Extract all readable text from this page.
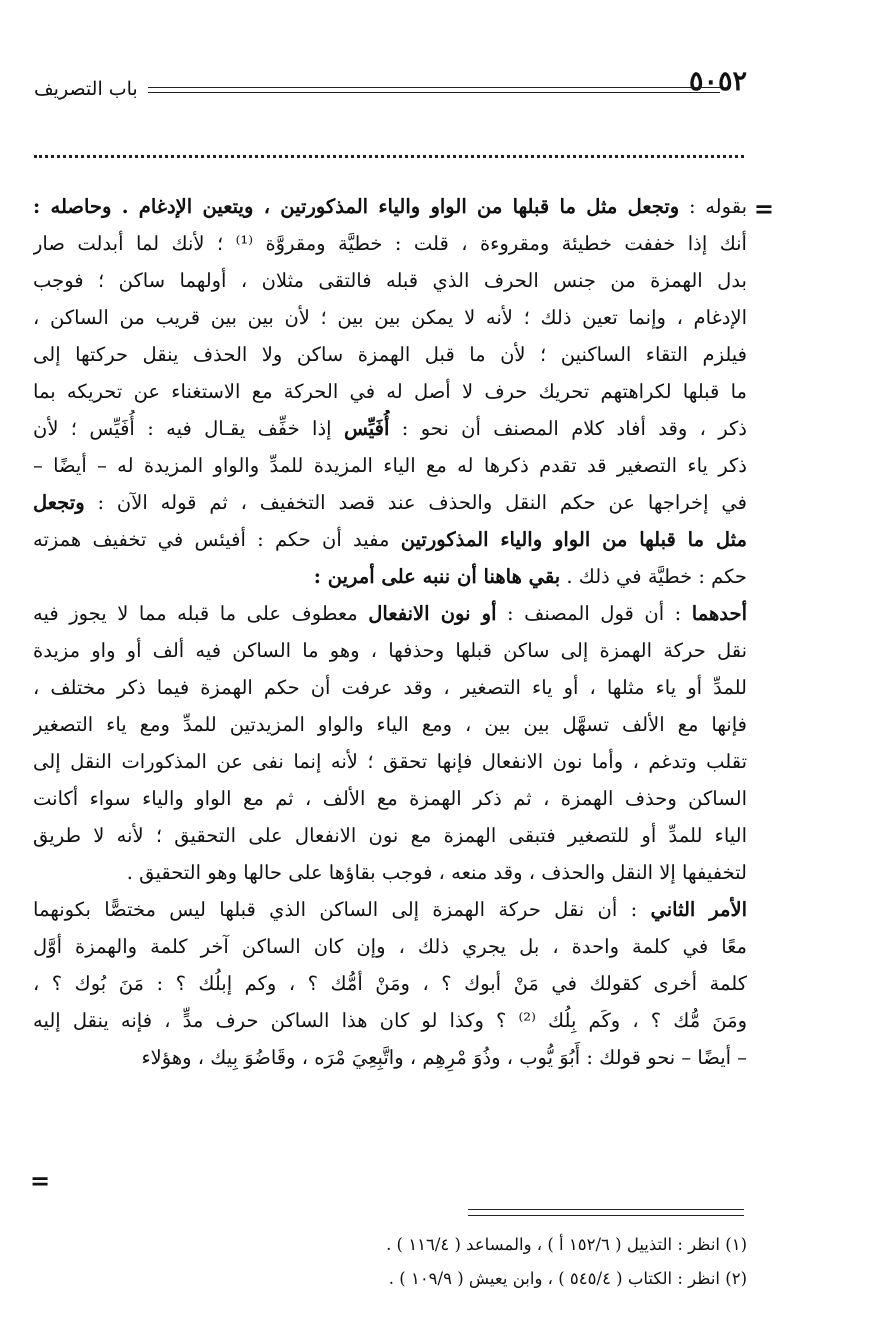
٥٠٥٢
باب التصريف
=
بقوله : وتجعل مثل ما قبلها من الواو والياء المذكورتين ، ويتعين الإدغام . وحاصله :
أنك إذا خففت خطيئة ومقروءة ، قلت : خطيَّة ومقروَّة ⁽¹⁾ ؛ لأنك لما أبدلت صار
بدل الهمزة من جنس الحرف الذي قبله فالتقى مثلان ، أولهما ساكن ؛ فوجب
الإدغام ، وإنما تعين ذلك ؛ لأنه لا يمكن بين بين ؛ لأن بين بين قريب من الساكن ،
فيلزم التقاء الساكنين ؛ لأن ما قبل الهمزة ساكن ولا الحذف ينقل حركتها إلى
ما قبلها لكراهتهم تحريك حرف لا أصل له في الحركة مع الاستغناء عن تحريكه بما
ذكر ، وقد أفاد كلام المصنف أن نحو : أُفَيِّس إذا خفِّف يقـال فيه : أُفَيِّس ؛ لأن
ذكر ياء التصغير قد تقدم ذكرها له مع الياء المزيدة للمدِّ والواو المزيدة له – أيضًا –
في إخراجها عن حكم النقل والحذف عند قصد التخفيف ، ثم قوله الآن : وتجعل
مثل ما قبلها من الواو والياء المذكورتين مفيد أن حكم : أفيئس في تخفيف همزته
حكم : خطيَّة في ذلك . بقي هاهنا أن ننبه على أمرين :
أحدهما : أن قول المصنف : أو نون الانفعال معطوف على ما قبله مما لا يجوز فيه
نقل حركة الهمزة إلى ساكن قبلها وحذفها ، وهو ما الساكن فيه ألف أو واو مزيدة
للمدِّ أو ياء مثلها ، أو ياء التصغير ، وقد عرفت أن حكم الهمزة فيما ذكر مختلف ،
فإنها مع الألف تسهَّل بين بين ، ومع الياء والواو المزيدتين للمدِّ ومع ياء التصغير
تقلب وتدغم ، وأما نون الانفعال فإنها تحقق ؛ لأنه إنما نفى عن المذكورات النقل إلى
الساكن وحذف الهمزة ، ثم ذكر الهمزة مع الألف ، ثم مع الواو والياء سواء أكانت
الياء للمدِّ أو للتصغير فتبقى الهمزة مع نون الانفعال على التحقيق ؛ لأنه لا طريق
لتخفيفها إلا النقل والحذف ، وقد منعه ، فوجب بقاؤها على حالها وهو التحقيق .
الأمر الثاني : أن نقل حركة الهمزة إلى الساكن الذي قبلها ليس مختصًّا بكونهما
معًا في كلمة واحدة ، بل يجري ذلك ، وإن كان الساكن آخر كلمة والهمزة أوَّل
كلمة أخرى كقولك في مَنْ أبوك ؟ ، ومَنْ أمُّك ؟ ، وكم إبلُك ؟ : مَنَ بُوك ؟ ،
ومَنَ مُّك ؟ ، وكَم بِلُك ⁽²⁾ ؟ وكذا لو كان هذا الساكن حرف مدٍّ ، فإنه ينقل إليه
– أيضًا – نحو قولك : أَبُوَ يُّوب ، وذُوَ مْرِهِم ، واتَّبِعِيَ مْرَه ، وقَاضُوَ بِيك ، وهؤلاء
=
(١) انظر : التذييل ( ١٥٢/٦ أ ) ، والمساعد ( ١١٦/٤ ) .
(٢) انظر : الكتاب ( ٥٤٥/٤ ) ، وابن يعيش ( ١٠٩/٩ ) .
